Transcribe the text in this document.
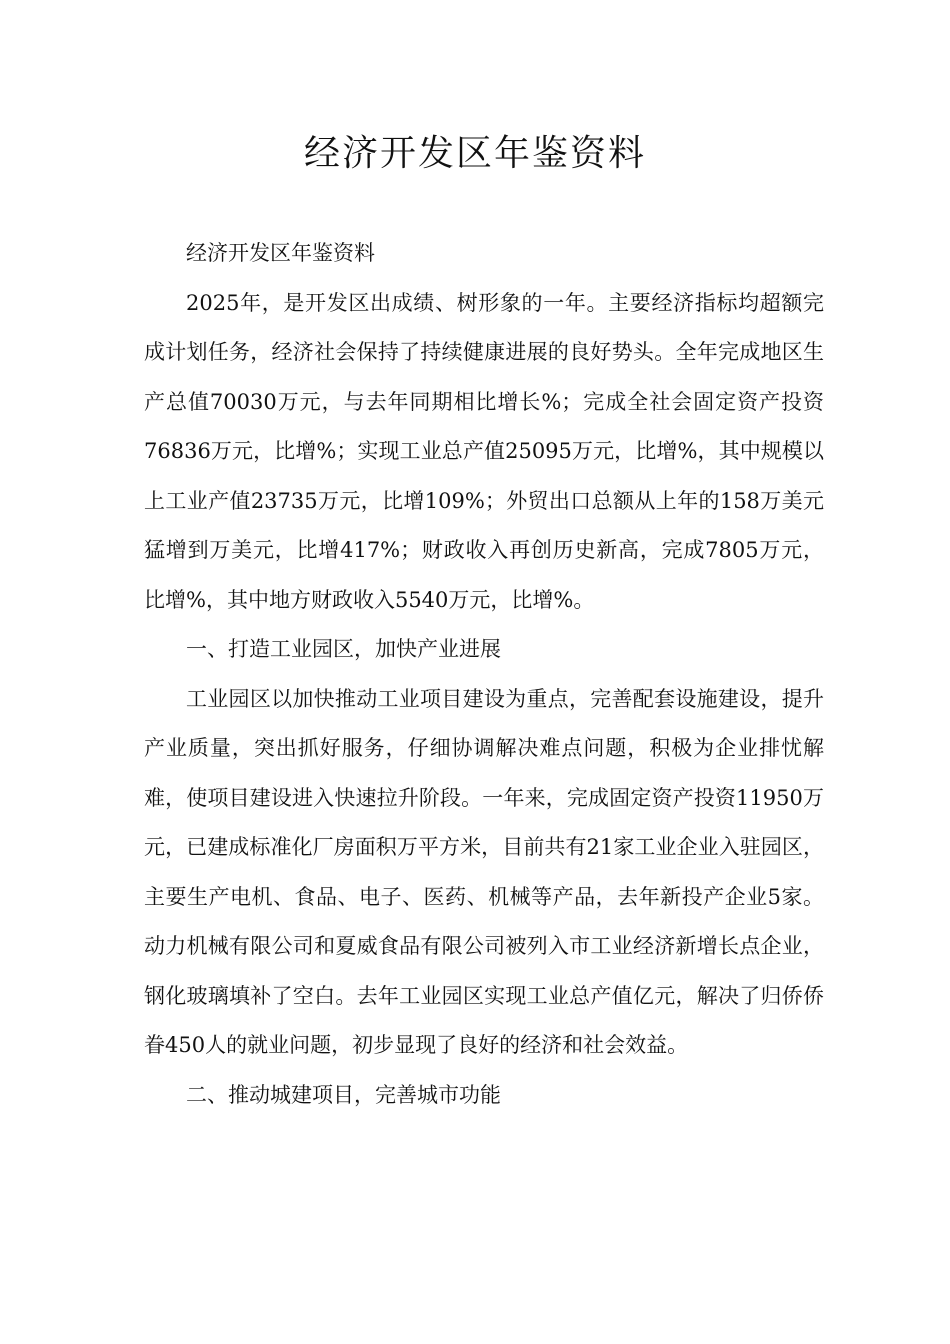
经济开发区年鉴资料

经济开发区年鉴资料

2025年，是开发区出成绩、树形象的一年。主要经济指标均超额完成计划任务，经济社会保持了持续健康进展的良好势头。全年完成地区生产总值70030万元，与去年同期相比增长%；完成全社会固定资产投资76836万元，比增%；实现工业总产值25095万元，比增%，其中规模以上工业产值23735万元，比增109%；外贸出口总额从上年的158万美元猛增到万美元，比增417%；财政收入再创历史新高，完成7805万元，比增%，其中地方财政收入5540万元，比增%。

一、打造工业园区，加快产业进展

工业园区以加快推动工业项目建设为重点，完善配套设施建设，提升产业质量，突出抓好服务，仔细协调解决难点问题，积极为企业排忧解难，使项目建设进入快速拉升阶段。一年来，完成固定资产投资11950万元，已建成标准化厂房面积万平方米，目前共有21家工业企业入驻园区，主要生产电机、食品、电子、医药、机械等产品，去年新投产企业5家。动力机械有限公司和夏威食品有限公司被列入市工业经济新增长点企业，钢化玻璃填补了空白。去年工业园区实现工业总产值亿元，解决了归侨侨眷450人的就业问题，初步显现了良好的经济和社会效益。

二、推动城建项目，完善城市功能
